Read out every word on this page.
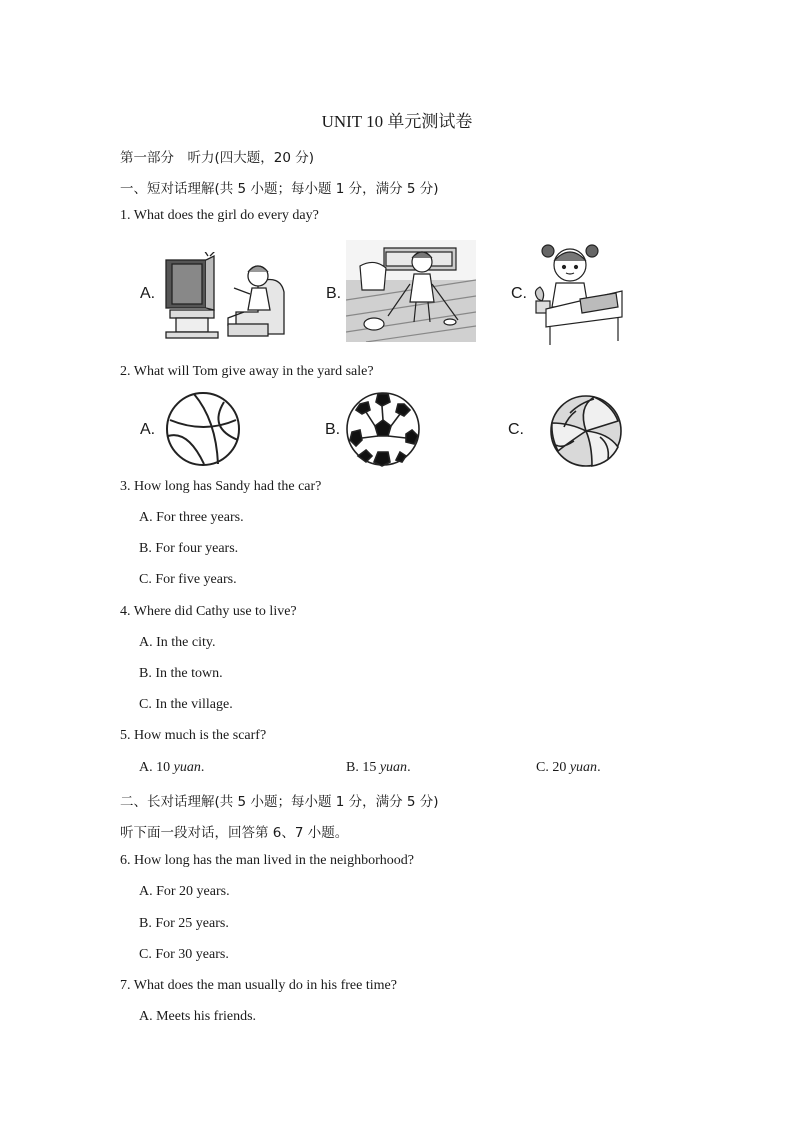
UNIT 10 单元测试卷
第一部分　听力(四大题，20 分)
一、短对话理解(共 5 小题；每小题 1 分，满分 5 分)
1. What does the girl do every day?
A.	B.	C.
2. What will Tom give away in the yard sale?
A.	B.	C.
3. How long has Sandy had the car?
A. For three years.
B. For four years.
C. For five years.
4. Where did Cathy use to live?
A. In the city.
B. In the town.
C. In the village.
5. How much is the scarf?
A. 10 yuan.	B. 15 yuan.	C. 20 yuan.
二、长对话理解(共 5 小题；每小题 1 分，满分 5 分)
听下面一段对话，回答第 6、7 小题。
6. How long has the man lived in the neighborhood?
A. For 20 years.
B. For 25 years.
C. For 30 years.
7. What does the man usually do in his free time?
A. Meets his friends.
